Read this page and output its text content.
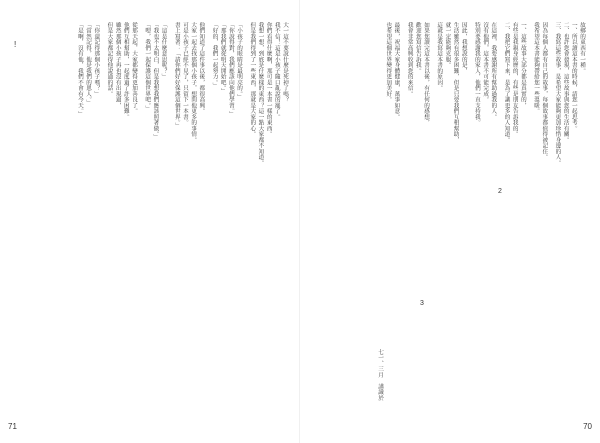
!	大一這不要說什麼是死掉了嗎？
我不信！這是小孩子隨口亂說的罷了。
你們看得什麼啊，那可是一本書一樣的東西。
我想一想，到底是什麼樣的東西？這一點大家都不知道。
但是我們得到了一些東西，那就是大家的心。
「小孩子的眼睛是最明亮的。」
「你說得對，我們應該向他們學習。」
「那我們就從明天開始吧。」
「好的，我們一起努力。」
他們知道了這件事以後，都很高興。
大家一起去找那個小孩子，想問他更多的事情。
可是小孩子已經不見了，只留下一本書。
書上寫著：「請你們好好保護這個世界。」
「這是什麼意思呢？」
「我也不太明白，但是我想我們應該照著做。」
「嗯，我們一起保護這個世界吧。」
從那天起，大家都變得更加善良了。
他們互相幫助，一起度過了許多困難。
雖然那個小孩子再也沒有出現過，
但是大家都記得他說過的話。
「你還記得那個小孩子嗎？」
「當然記得，他是我們的恩人。」
「是啊，沒有他，我們不會有今天。」
71
2
3
故鄉的東西有一種。
一、所以讀這本書的時候，請您一起思考。
二、也許您會發現，這些故事與您的生活有關。
三、我寫這些故事，是希望大家能夠更加珍惜身邊的人。
因為每個人都有自己的故事，每個故事都值得被記住。
我希望這本書能夠帶給您一些溫暖。
一、這些故事大部分都是真實的，
有些是我親身經歷的，有些是朋友告訴我的。
二、我把它們寫下來，是為了讓更多的人知道。
在這裡，我要感謝所有幫助過我的人。
沒有他們，這本書不可能完成。
特別要感謝我的家人，他們一直支持我。
因此，我想說的是，
生活雖然有很多困難，但是只要我們互相幫助，
就一定能夠克服。
這就是我寫這本書的原因。
如果您讀完這本書以後，有任何的感想，
歡迎您寫信告訴我。
我會非常高興收到您的來信。
最後，祝福大家身體健康，萬事如意。
也希望這個世界變得更加美好。
七一、三月　謹識於
70
